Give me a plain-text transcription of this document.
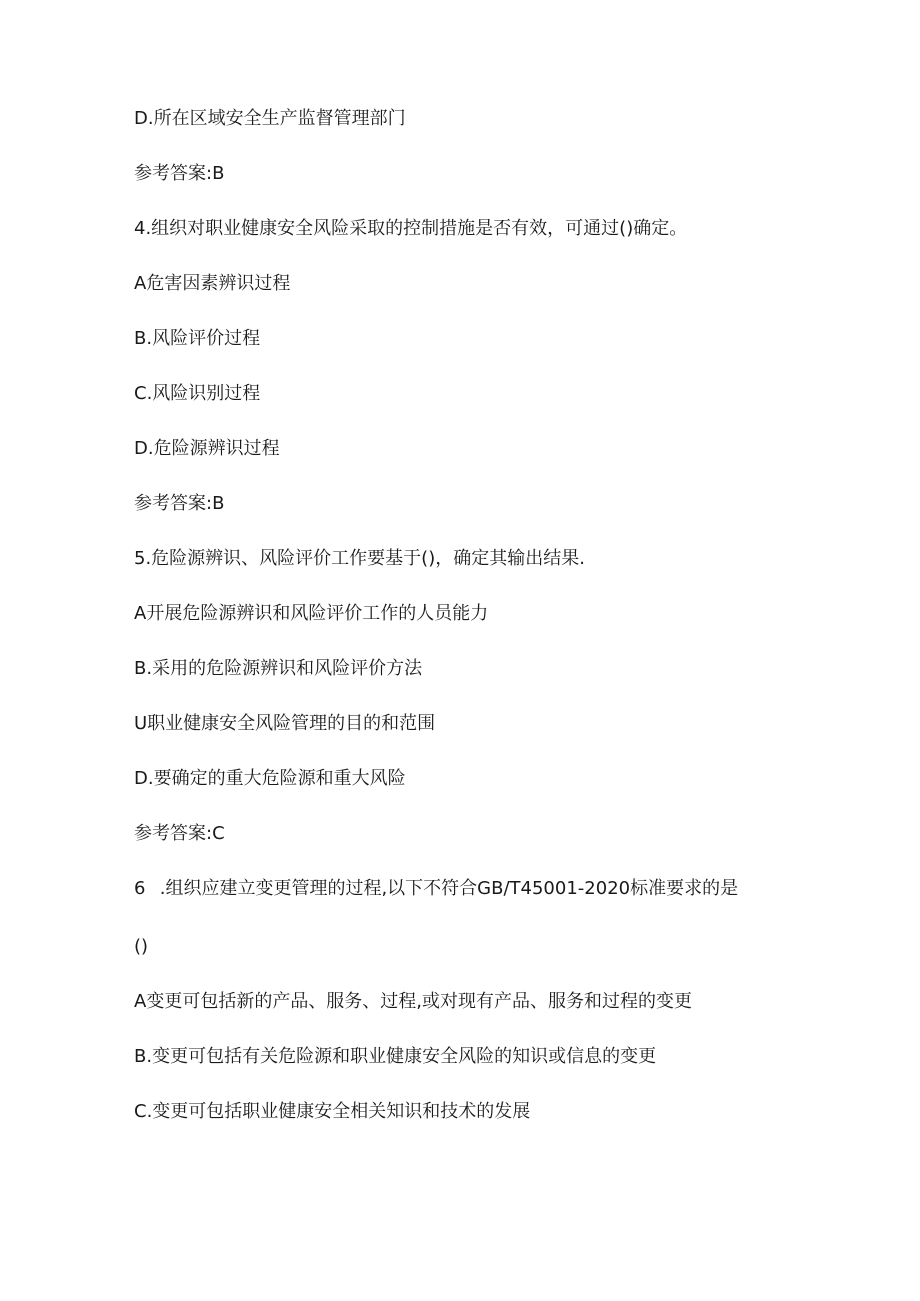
D.所在区域安全生产监督管理部门
参考答案:B
4.组织对职业健康安全风险采取的控制措施是否有效，可通过()确定。
A危害因素辨识过程
B.风险评价过程
C.风险识别过程
D.危险源辨识过程
参考答案:B
5.危险源辨识、风险评价工作要基于()，确定其输出结果.
A开展危险源辨识和风险评价工作的人员能力
B.采用的危险源辨识和风险评价方法
U职业健康安全风险管理的目的和范围
D.要确定的重大危险源和重大风险
参考答案:C
6 .组织应建立变更管理的过程,以下不符合GB/T45001-2020标准要求的是
()
A变更可包括新的产品、服务、过程,或对现有产品、服务和过程的变更
B.变更可包括有关危险源和职业健康安全风险的知识或信息的变更
C.变更可包括职业健康安全相关知识和技术的发展
